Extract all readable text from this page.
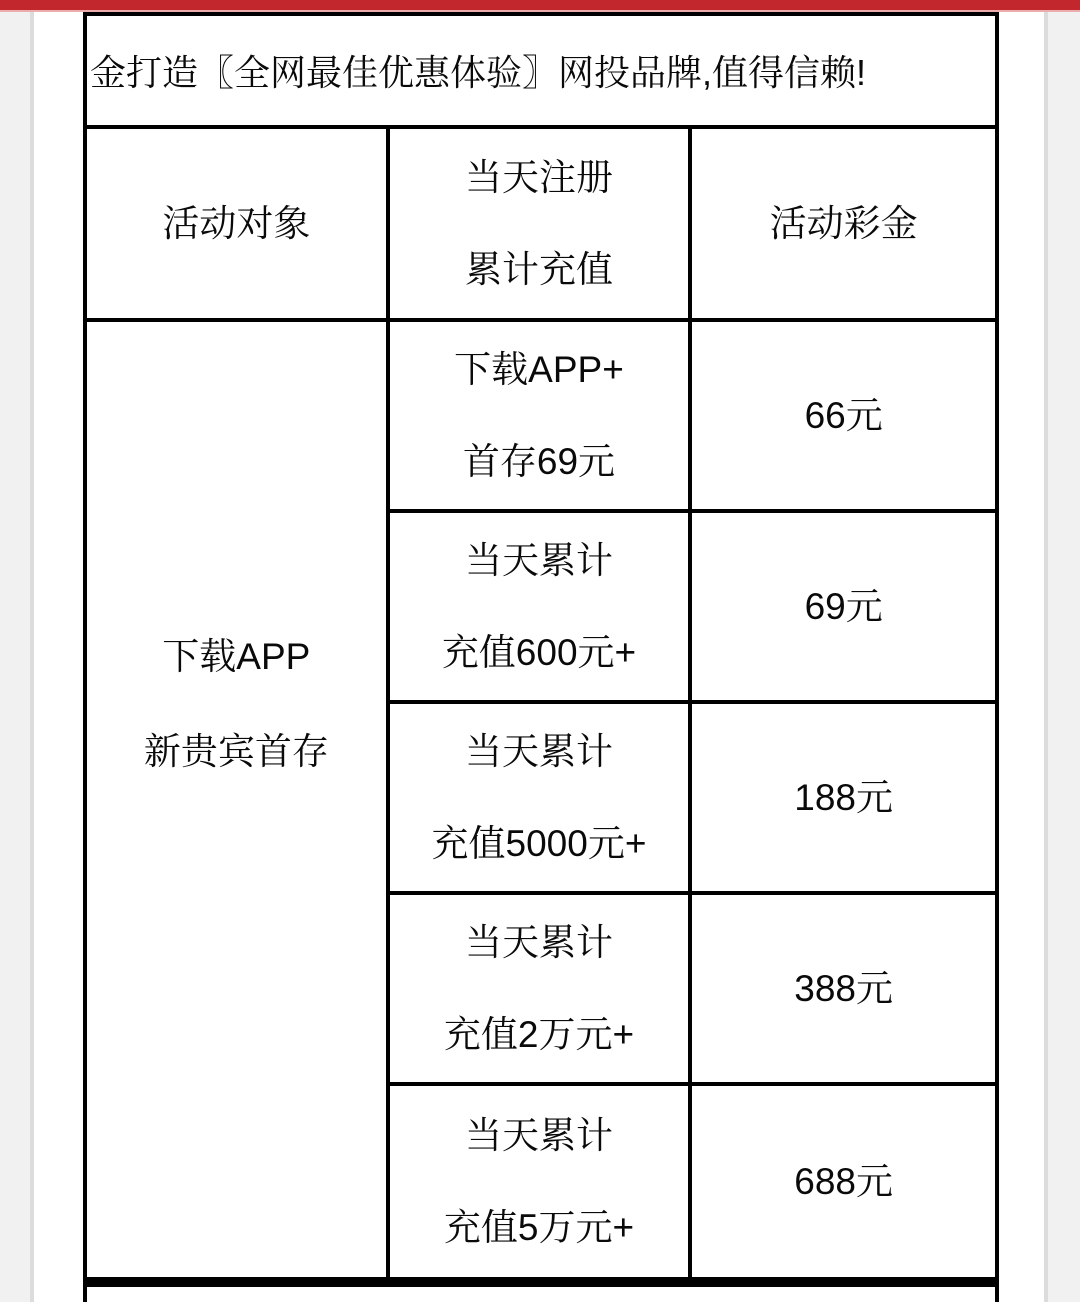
金打造〖全网最佳优惠体验〗网投品牌,值得信赖!
活动对象
当天注册
累计充值
活动彩金
下载APP
新贵宾首存
下载APP+
首存69元
66元
当天累计
充值600元+
69元
当天累计
充值5000元+
188元
当天累计
充值2万元+
388元
当天累计
充值5万元+
688元
